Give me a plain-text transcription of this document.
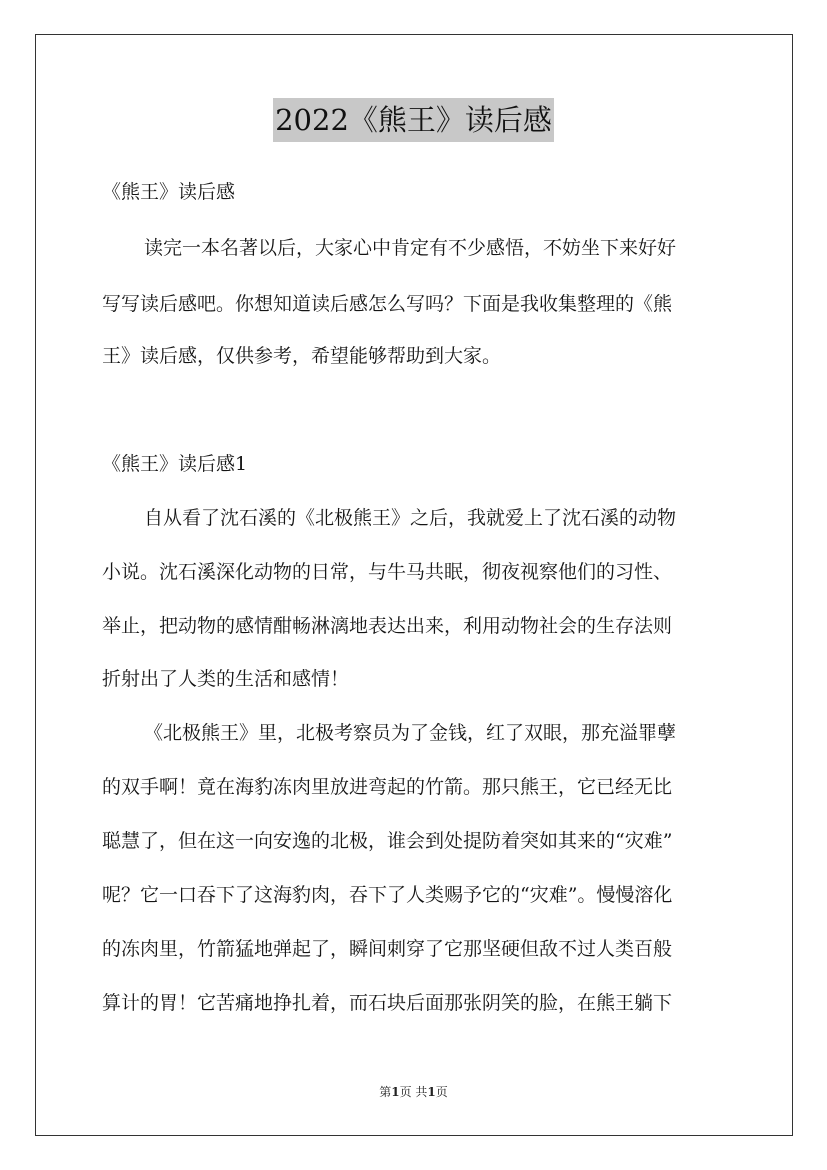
2022《熊王》读后感
《熊王》读后感
读完一本名著以后，大家心中肯定有不少感悟，不妨坐下来好好
写写读后感吧。你想知道读后感怎么写吗？下面是我收集整理的《熊
王》读后感，仅供参考，希望能够帮助到大家。
《熊王》读后感1
自从看了沈石溪的《北极熊王》之后，我就爱上了沈石溪的动物
小说。沈石溪深化动物的日常，与牛马共眠，彻夜视察他们的习性、
举止，把动物的感情酣畅淋漓地表达出来，利用动物社会的生存法则
折射出了人类的生活和感情！
《北极熊王》里，北极考察员为了金钱，红了双眼，那充溢罪孽
的双手啊！竟在海豹冻肉里放进弯起的竹箭。那只熊王，它已经无比
聪慧了，但在这一向安逸的北极，谁会到处提防着突如其来的“灾难”
呢？它一口吞下了这海豹肉，吞下了人类赐予它的“灾难”。慢慢溶化
的冻肉里，竹箭猛地弹起了，瞬间刺穿了它那坚硬但敌不过人类百般
算计的胃！它苦痛地挣扎着，而石块后面那张阴笑的脸，在熊王躺下
第1页 共1页
